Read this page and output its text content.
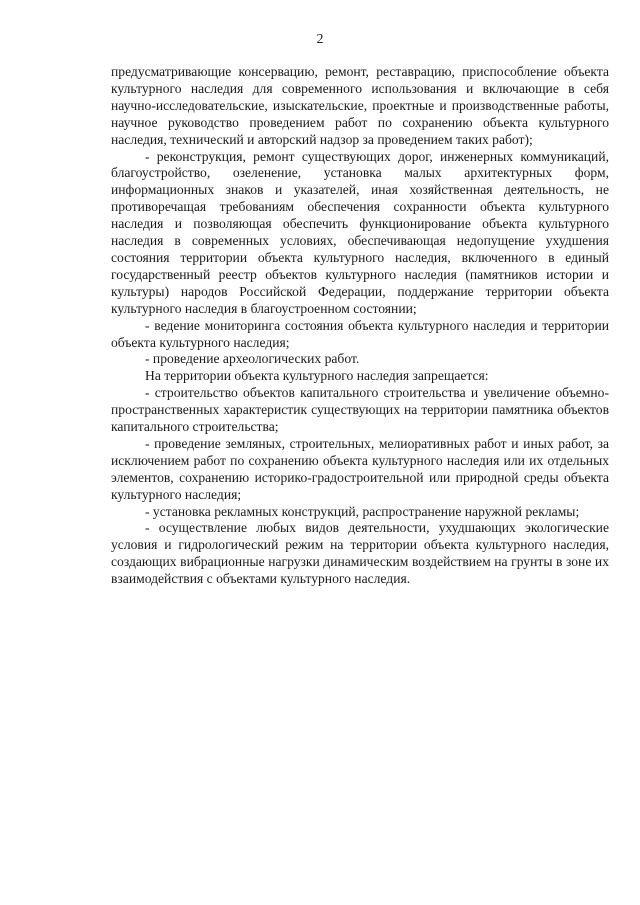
2

предусматривающие консервацию, ремонт, реставрацию, приспособление объекта культурного наследия для современного использования и включающие в себя научно-исследовательские, изыскательские, проектные и производственные работы, научное руководство проведением работ по сохранению объекта культурного наследия, технический и авторский надзор за проведением таких работ);

- реконструкция, ремонт существующих дорог, инженерных коммуникаций, благоустройство, озеленение, установка малых архитектурных форм, информационных знаков и указателей, иная хозяйственная деятельность, не противоречащая требованиям обеспечения сохранности объекта культурного наследия и позволяющая обеспечить функционирование объекта культурного наследия в современных условиях, обеспечивающая недопущение ухудшения состояния территории объекта культурного наследия, включенного в единый государственный реестр объектов культурного наследия (памятников истории и культуры) народов Российской Федерации, поддержание территории объекта культурного наследия в благоустроенном состоянии;

- ведение мониторинга состояния объекта культурного наследия и территории объекта культурного наследия;

- проведение археологических работ.

На территории объекта культурного наследия запрещается:

- строительство объектов капитального строительства и увеличение объемно-пространственных характеристик существующих на территории памятника объектов капитального строительства;

- проведение земляных, строительных, мелиоративных работ и иных работ, за исключением работ по сохранению объекта культурного наследия или их отдельных элементов, сохранению историко-градостроительной или природной среды объекта культурного наследия;

- установка рекламных конструкций, распространение наружной рекламы;

- осуществление любых видов деятельности, ухудшающих экологические условия и гидрологический режим на территории объекта культурного наследия, создающих вибрационные нагрузки динамическим воздействием на грунты в зоне их взаимодействия с объектами культурного наследия.
